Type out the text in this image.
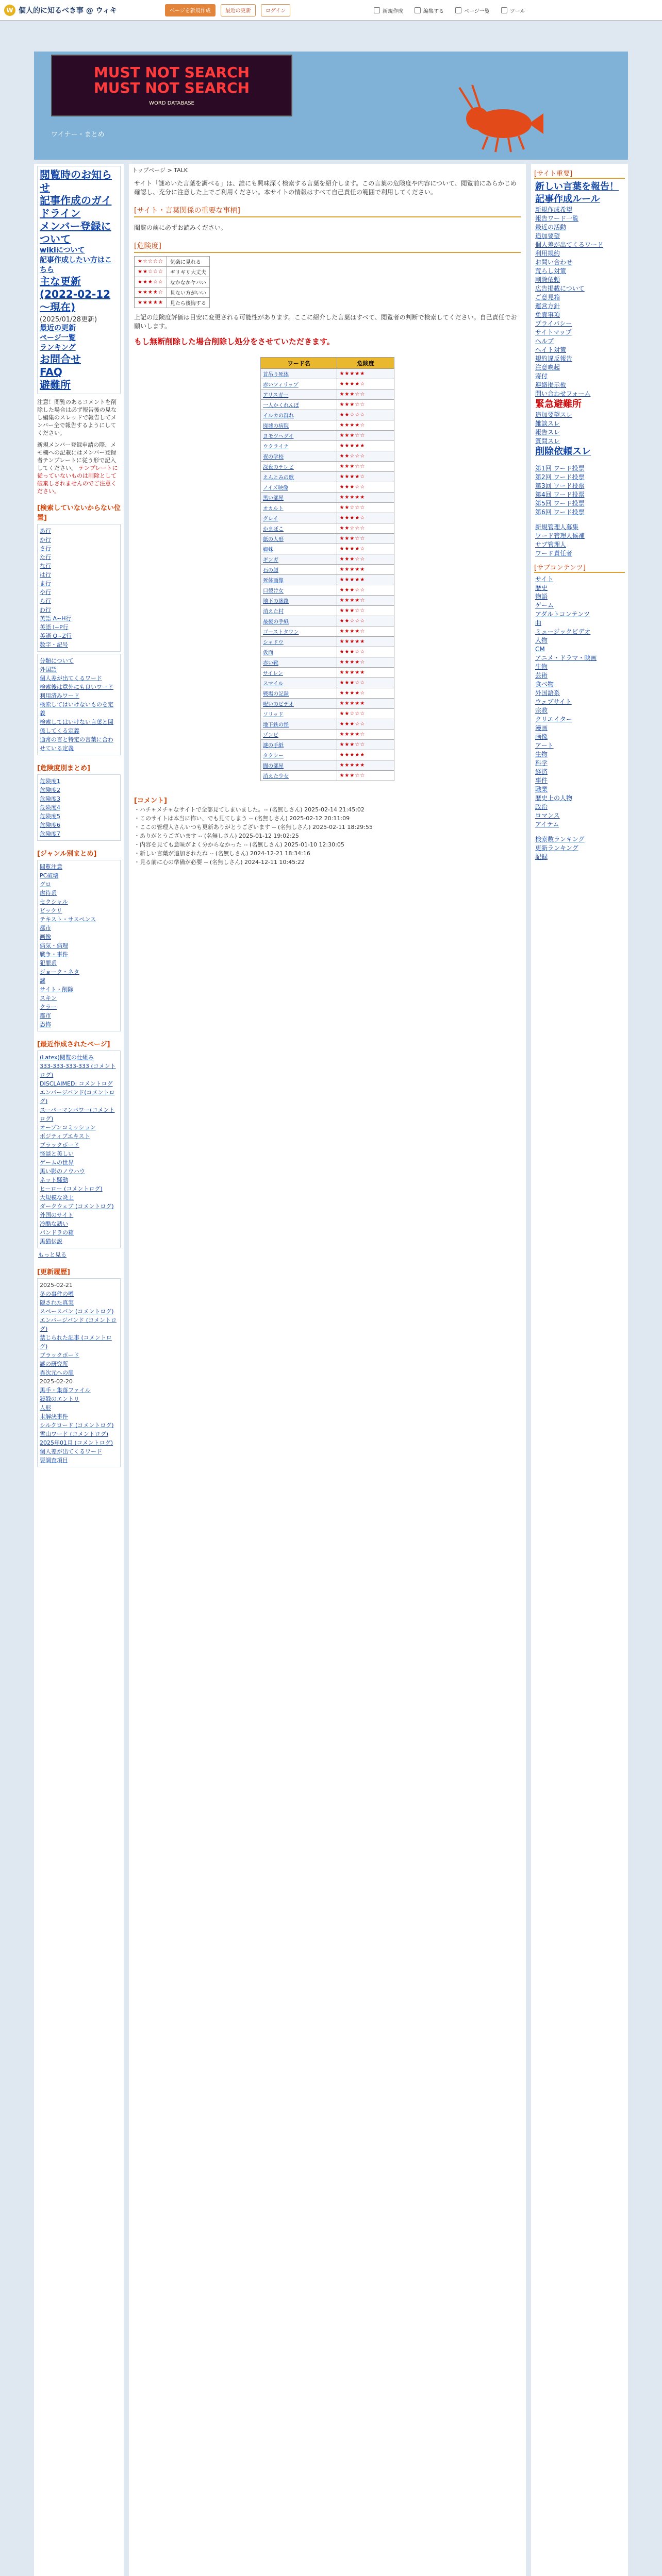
W 個人的に知るべき事 @ ウィキ	ページを新規作成	最近の更新	ログイン	新規作成	編集する	ページ一覧	ツール
MUST NOT SEARCH
MUST NOT SEARCH
WORD DATABASE
ワイナー・まとめ
閲覧時のお知らせ
記事作成のガイドライン
メンバー登録について
wikiについて
記事作成したい方はこちら
主な更新(2022-02-12～現在)
(2025/01/28更新)
最近の更新
ページ一覧
ランキング
お問合せ
FAQ
避難所
注意！閲覧のあるコメントを削除した場合は必ず報告後の見なし編集のスレッドで報告してメンバー全で報告するようにしてください。
新規メンバー登録申請の際、メモ欄への記載にはメンバー登録者テンプレートに従う形で記入してください。 テンプレートに従っていないものは削除として破棄しされませんのでご注意ください。
[検索していないからない位置]
あ行
か行
さ行
た行
な行
は行
ま行
や行
ら行
わ行
英語 A~H行
英語 I~P行
英語 Q~Z行
数字・記号
分類について
外国語
個人差が出てくるワード
検索後は意外にも良いワード
利用済みワード
検索してはいけないものを定義
検索してはいけない言葉と関係してくる定義
通常の言と特定の言葉に合わせている定義
[危険度別まとめ]
危険度1
危険度2
危険度3
危険度4
危険度5
危険度6
危険度7
[ジャンル別まとめ]
閲覧注意
PC破壊
グロ
虐待系
セクシャル
ビックリ
テキスト・サスペンス
都市
画像
病気・病理
戦争・事件
犯罪系
ジョーク・ネタ
謎
サイト・削除
スキン
クラー
都市
恐怖
[最近作成されたページ]
(Latex)閲覧の仕組み
333-333-333-333 (コメントログ)
DISCLAIMED: コメントログ
エンバージバンド(コメントログ)
スーパーマンパワー(コメントログ)
オープンコミッション
ポジティブエキスト
ブラックボード
怪談と美しい
ゲームの世界
黒い影のノウハウ
ネット騒動
ヒーロー (コメントログ)
大規模な炎上
ダークウェブ (コメントログ)
外国のサイト
冷酷な誘い
パンドラの箱
黒猫伝説
もっと見る
[更新履歴]
2025-02-21
冬の事件の噂
隠された真実
スペースバン (コメントログ)
エンバージバンド (コメントログ)
禁じられた記事 (コメントログ)
ブラックボード
謎の研究所
異次元への扉
2025-02-20
黒手・集落ファイル
殺戮のエントリ
人形
未解決事件
シルクロード (コメントログ)
雪山ワード (コメントログ)
2025年01月 (コメントログ)
個人差が出てくるワード
要調査項目
トップページ > TALK
サイト「謎めいた言葉を調べる」は、誰にも興味深く検索する言葉を紹介します。この言葉の危険度や内容について、閲覧前にあらかじめ確認し、充分に注意した上でご利用ください。本サイトの情報はすべて自己責任の範囲で利用してください。
[サイト・言葉関係の重要な事柄]
閲覧の前に必ずお読みください。
[危険度]
★☆☆☆☆	気楽に見れる
★★☆☆☆	ギリギリ大丈夫
★★★☆☆	なかなかヤバい
★★★★☆	見ない方がいい
★★★★★	見たら後悔する
上記の危険度評価は目安に変更される可能性があります。ここに紹介した言葉はすべて、閲覧者の判断で検索してください。自己責任でお願いします。
もし無断削除した場合削除し処分をさせていただきます。
ワード名	危険度
首吊り死体	★★★★★
赤いフィリップ	★★★★☆
アリスガー	★★★☆☆
一人かくれんぼ	★★★☆☆
イルカの群れ	★★☆☆☆
廃墟の病院	★★★★☆
ヨモツヘグイ	★★★☆☆
ウクライナ	★★★★★
夜の学校	★★☆☆☆
深夜のテレビ	★★★☆☆
えんとみの歌	★★★★☆
ノイズ映像	★★★☆☆
黒い部屋	★★★★★
オカルト	★★☆☆☆
グレイ	★★★★☆
かまぼこ	★★☆☆☆
紙の人形	★★★☆☆
蜘蛛	★★★★☆
ギンガ	★★★☆☆
石の顔	★★★★★
死体画像	★★★★★
口裂け女	★★★☆☆
地下の迷路	★★★★☆
消えた村	★★★☆☆
最後の手紙	★★☆☆☆
ゴーストタウン	★★★★☆
シャドウ	★★★★★
仮面	★★★☆☆
赤い靴	★★★★☆
サイレン	★★★★★
スマイル	★★★☆☆
戦場の記録	★★★★☆
呪いのビデオ	★★★★★
ソリッド	★★☆☆☆
地下鉄の怪	★★★☆☆
ゾンビ	★★★★☆
謎の手紙	★★★☆☆
タクシー	★★★★★
闇の部屋	★★★★★
消えた少女	★★★☆☆
[コメント]
・ハチャメチャなサイトで全部見てしまいました。-- (名無しさん) 2025-02-14 21:45:02
・このサイトは本当に怖い、でも見てしまう -- (名無しさん) 2025-02-12 20:11:09
・ここの管理人さんいつも更新ありがとうございます -- (名無しさん) 2025-02-11 18:29:55
・ありがとうございます -- (名無しさん) 2025-01-12 19:02:25
・内容を見ても意味がよく分からなかった -- (名無しさん) 2025-01-10 12:30:05
・新しい言葉が追加されたね -- (名無しさん) 2024-12-21 18:34:16
・見る前に心の準備が必要 -- (名無しさん) 2024-12-11 10:45:22
[サイト重要]
新しい言葉を報告！
記事作成ルール
新規作成希望
報告ワード一覧
最近の活動
追加要望
個人差が出てくるワード
利用規約
お問い合わせ
荒らし対策
削除依頼
広告掲載について
ご意見箱
運営方針
免責事項
プライバシー
サイトマップ
ヘルプ
ヘイト対策
規約違反報告
注意喚起
寄付
連絡掲示板
問い合わせフォーム
緊急避難所
追加要望スレ
雑談スレ
報告スレ
質問スレ
削除依頼スレ
第1回 ワード投票
第2回 ワード投票
第3回 ワード投票
第4回 ワード投票
第5回 ワード投票
第6回 ワード投票
新規管理人募集
ワード管理人候補
サブ管理人
ワード責任者
[サブコンテンツ]
サイト
歴史
物語
ゲーム
アダルトコンテンツ
曲
ミュージックビデオ
人物
CM
アニメ・ドラマ・映画
生物
芸術
食べ物
外国語系
ウェブサイト
宗教
クリエイター
漫画
画像
アート
生物
科学
経済
事件
職業
歴史上の人物
政治
ロマンス
アイテム
検索数ランキング
更新ランキング
記録
